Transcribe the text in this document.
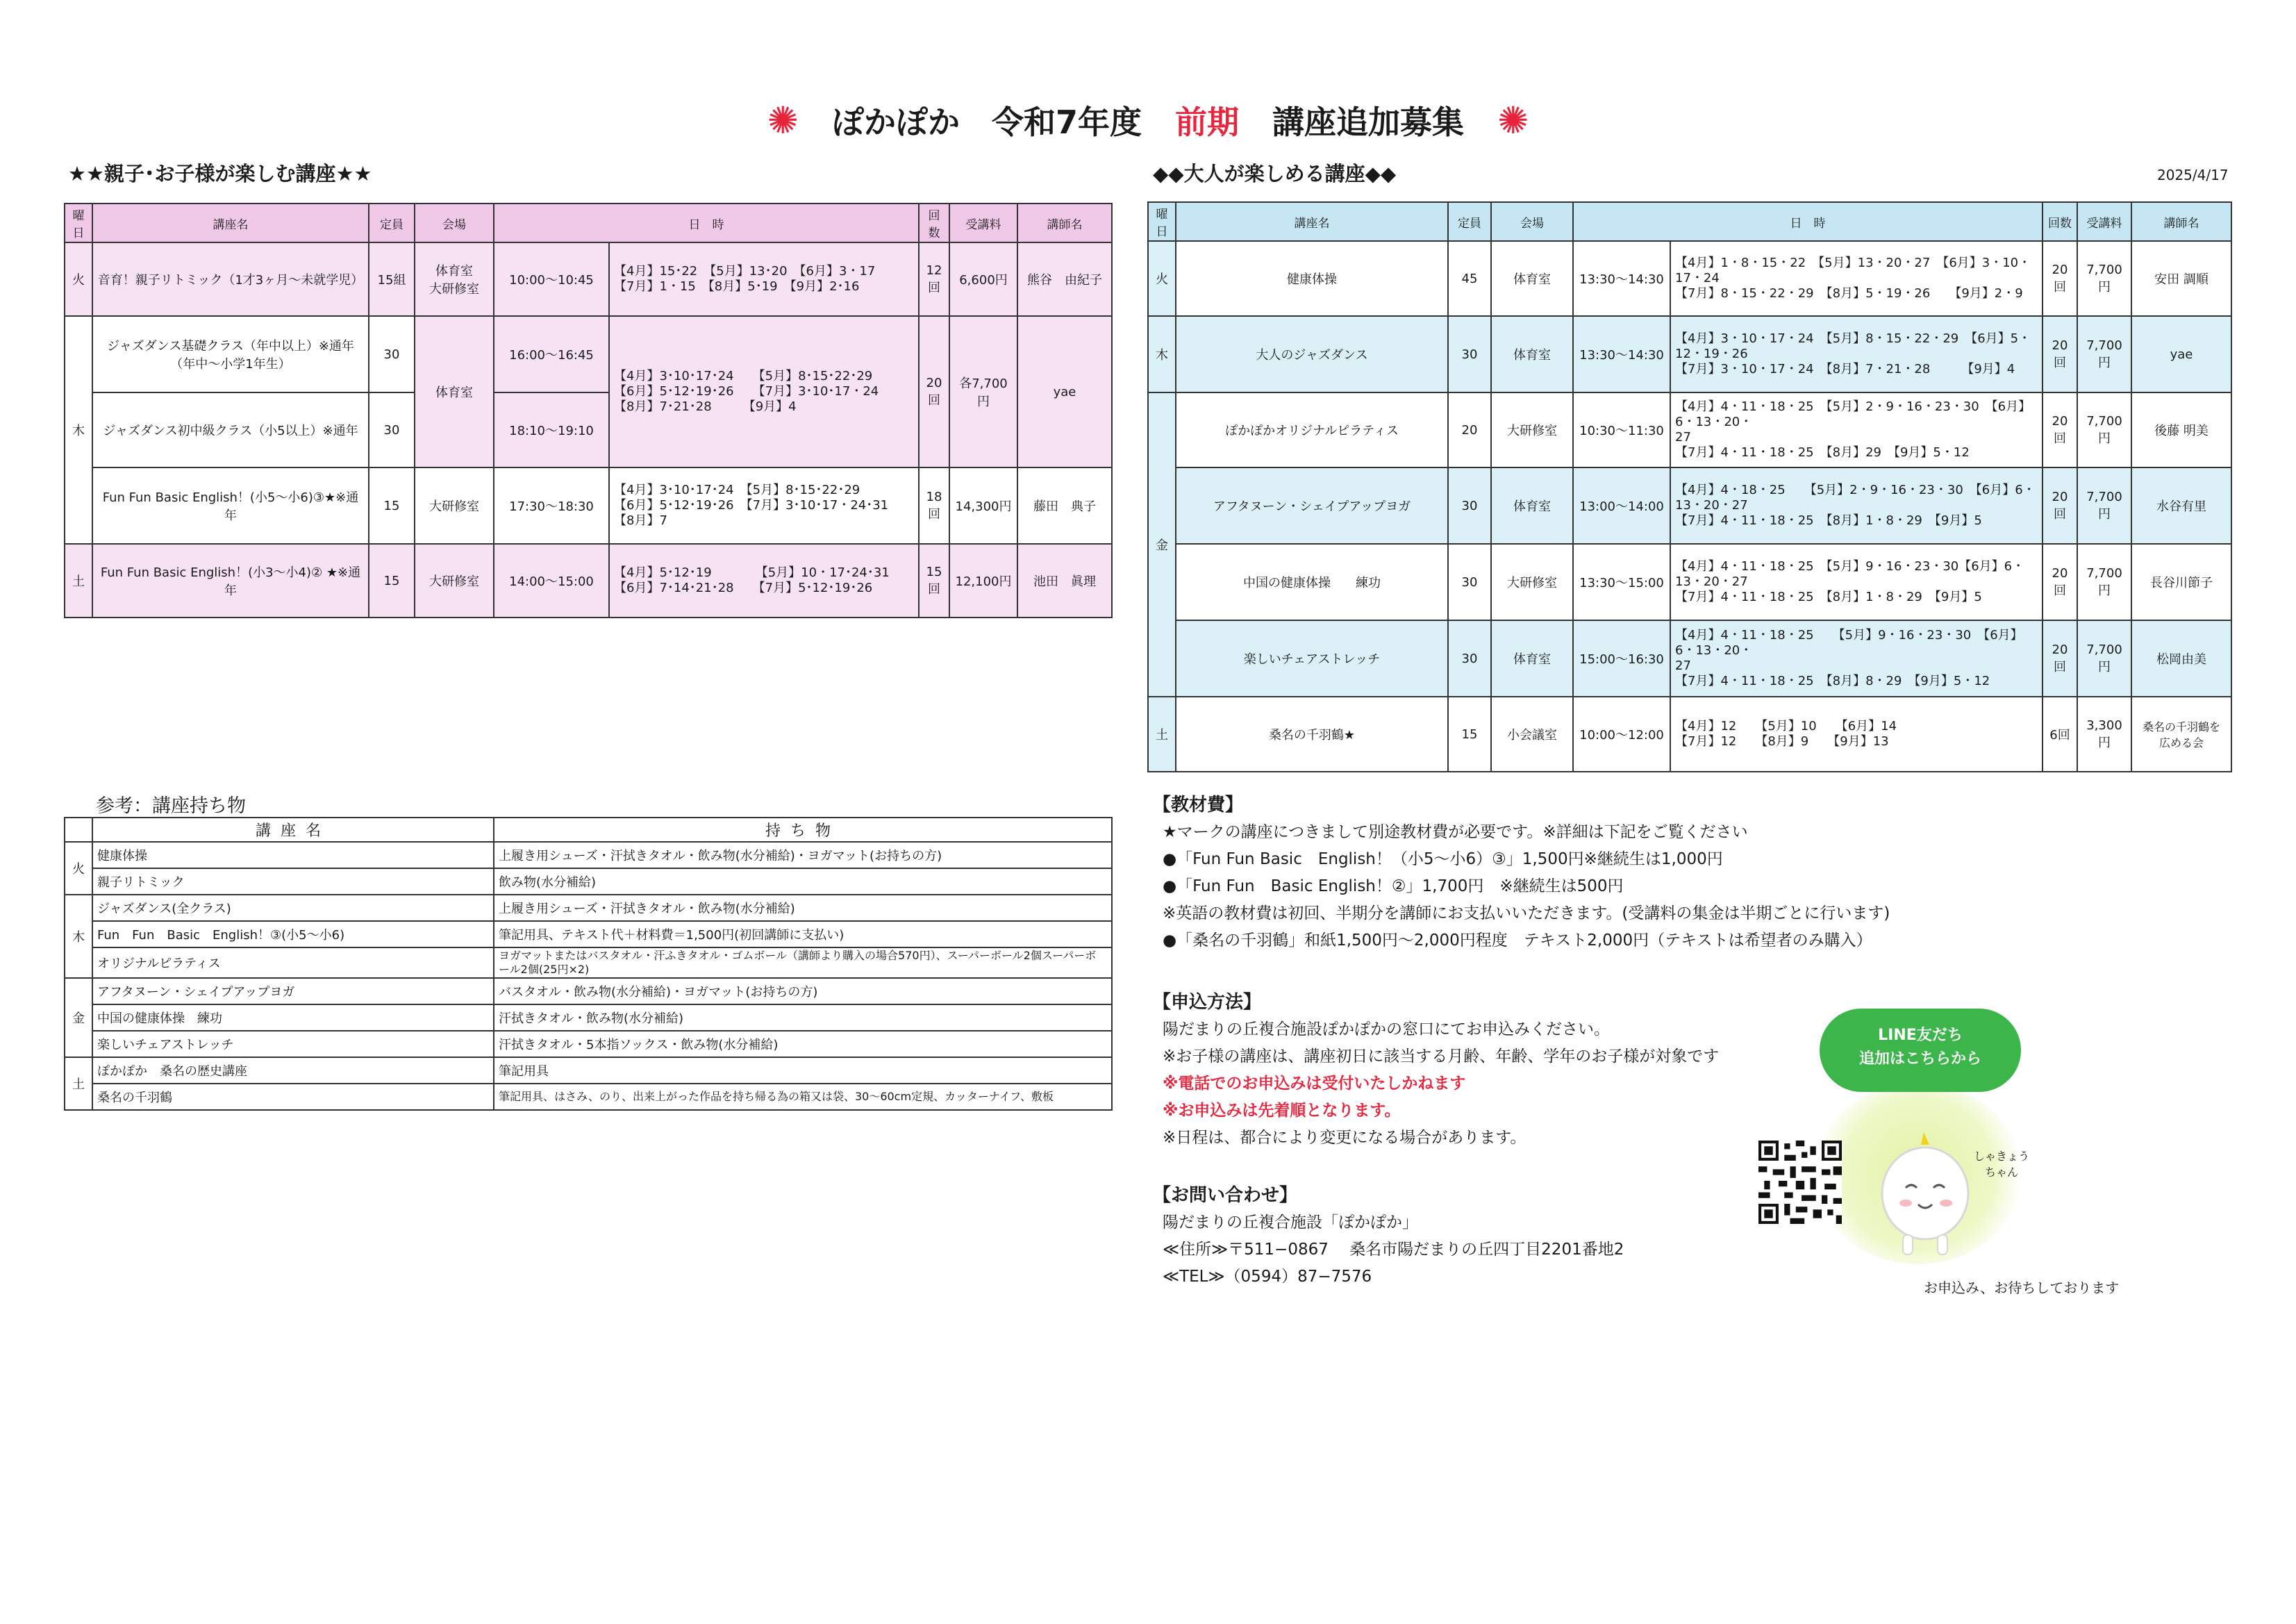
✺ ぽかぽか　令和7年度 前期 講座追加募集 ✺
★★親子･お子様が楽しむ講座★★
曜日	講座名	定員	会場	日　時		回数	受講料	講師名
火	音育！親子リトミック（1才3ヶ月～未就学児）	15組	体育室
大研修室	10:00～10:45	【4月】15･22　【5月】13･20　【6月】3・17
【7月】1・15　【8月】5･19　【9月】2･16	12回	6,600円	熊谷　由紀子
木	ジャズダンス基礎クラス（年中以上）※通年
（年中～小学1年生）	30	体育室	16:00～16:45	【4月】3･10･17･24　　【5月】8･15･22･29
【6月】5･12･19･26　　【7月】3･10･17・24
【8月】7･21･28　　　【9月】4	20回	各7,700円	yae
	ジャズダンス初中級クラス（小5以上）※通年	30		18:10～19:10				
	Fun Fun Basic English！(小5～小6)③★※通年	15	大研修室	17:30～18:30	【4月】3･10･17･24　【5月】8･15･22･29
【6月】5･12･19･26　【7月】3･10･17・24･31
【8月】7	18回	14,300円	藤田　典子
土	Fun Fun Basic English！(小3～小4)② ★※通年	15	大研修室	14:00～15:00	【4月】5･12･19　　　　【5月】10・17･24･31
【6月】7･14･21･28　　【7月】5･12･19･26	15回	12,100円	池田　眞理
◆◆大人が楽しめる講座◆◆	2025/4/17
曜日	講座名	定員	会場	日　時		回数	受講料	講師名
火	健康体操	45	体育室	13:30～14:30	【4月】1・8・15・22　【5月】13・20・27　【6月】3・10・17・24
【7月】8・15・22・29　【8月】5・19・26　　【9月】2・9	20回	7,700円	安田 調順
木	大人のジャズダンス	30	体育室	13:30～14:30	【4月】3・10・17・24　【5月】8・15・22・29　【6月】5・12・19・26
【7月】3・10・17・24　【8月】7・21・28　　　【9月】4	20回	7,700円	yae
金	ぽかぽかオリジナルピラティス	20	大研修室	10:30～11:30	【4月】4・11・18・25　【5月】2・9・16・23・30　【6月】6・13・20・
27
【7月】4・11・18・25　【8月】29　【9月】5・12	20回	7,700円	後藤 明美
	アフタヌーン・シェイプアップヨガ	30	体育室	13:00～14:00	【4月】4・18・25　　【5月】2・9・16・23・30　【6月】6・13・20・27
【7月】4・11・18・25　【8月】1・8・29　【9月】5	20回	7,700円	水谷有里
	中国の健康体操　　練功	30	大研修室	13:30～15:00	【4月】4・11・18・25　【5月】9・16・23・30【6月】6・13・20・27
【7月】4・11・18・25　【8月】1・8・29　【9月】5	20回	7,700円	長谷川節子
	楽しいチェアストレッチ	30	体育室	15:00～16:30	【4月】4・11・18・25　　【5月】9・16・23・30　【6月】6・13・20・
27
【7月】4・11・18・25　【8月】8・29　【9月】5・12	20回	7,700円	松岡由美
土	桑名の千羽鶴★	15	小会議室	10:00～12:00	【4月】12　　【5月】10　　【6月】14
【7月】12　　【8月】9　　【9月】13	6回	3,300円	桑名の千羽鶴を
広める会
参考：講座持ち物
	講座名	持ち物
火	健康体操	上履き用シューズ・汗拭きタオル・飲み物(水分補給)・ヨガマット(お持ちの方)
	親子リトミック	飲み物(水分補給)
木	ジャズダンス(全クラス)	上履き用シューズ・汗拭きタオル・飲み物(水分補給)
	Fun　Fun　Basic　English！③(小5～小6)	筆記用具、テキスト代＋材料費＝1,500円(初回講師に支払い)
	オリジナルピラティス	ヨガマットまたはバスタオル・汗ふきタオル・ゴムボール（講師より購入の場合570円）、スーパーボール2個スーパーボール2個(25円×2)
金	アフタヌーン・シェイプアップヨガ	バスタオル・飲み物(水分補給)・ヨガマット(お持ちの方)
	中国の健康体操　練功	汗拭きタオル・飲み物(水分補給)
	楽しいチェアストレッチ	汗拭きタオル・5本指ソックス・飲み物(水分補給)
土	ぽかぽか　桑名の歴史講座	筆記用具
	桑名の千羽鶴	筆記用具、はさみ、のり、出来上がった作品を持ち帰る為の箱又は袋、30～60cm定規、カッターナイフ、敷板
【教材費】
★マークの講座につきまして別途教材費が必要です。※詳細は下記をご覧ください
●「Fun Fun Basic　English！（小5～小6）③」1,500円※継続生は1,000円
●「Fun Fun　Basic English！②」1,700円　※継続生は500円
※英語の教材費は初回、半期分を講師にお支払いいただきます。(受講料の集金は半期ごとに行います)
●「桑名の千羽鶴」和紙1,500円～2,000円程度　テキスト2,000円（テキストは希望者のみ購入）
【申込方法】
陽だまりの丘複合施設ぽかぽかの窓口にてお申込みください。
※お子様の講座は、講座初日に該当する月齢、年齢、学年のお子様が対象です
※電話でのお申込みは受付いたしかねます
※お申込みは先着順となります。
※日程は、都合により変更になる場合があります。
【お問い合わせ】
陽だまりの丘複合施設「ぽかぽか」
≪住所≫〒511−0867　 桑名市陽だまりの丘四丁目2201番地2
≪TEL≫（0594）87−7576
LINE友だち
追加はこちらから
しゃきょう
ちゃん
お申込み、お待ちしております
